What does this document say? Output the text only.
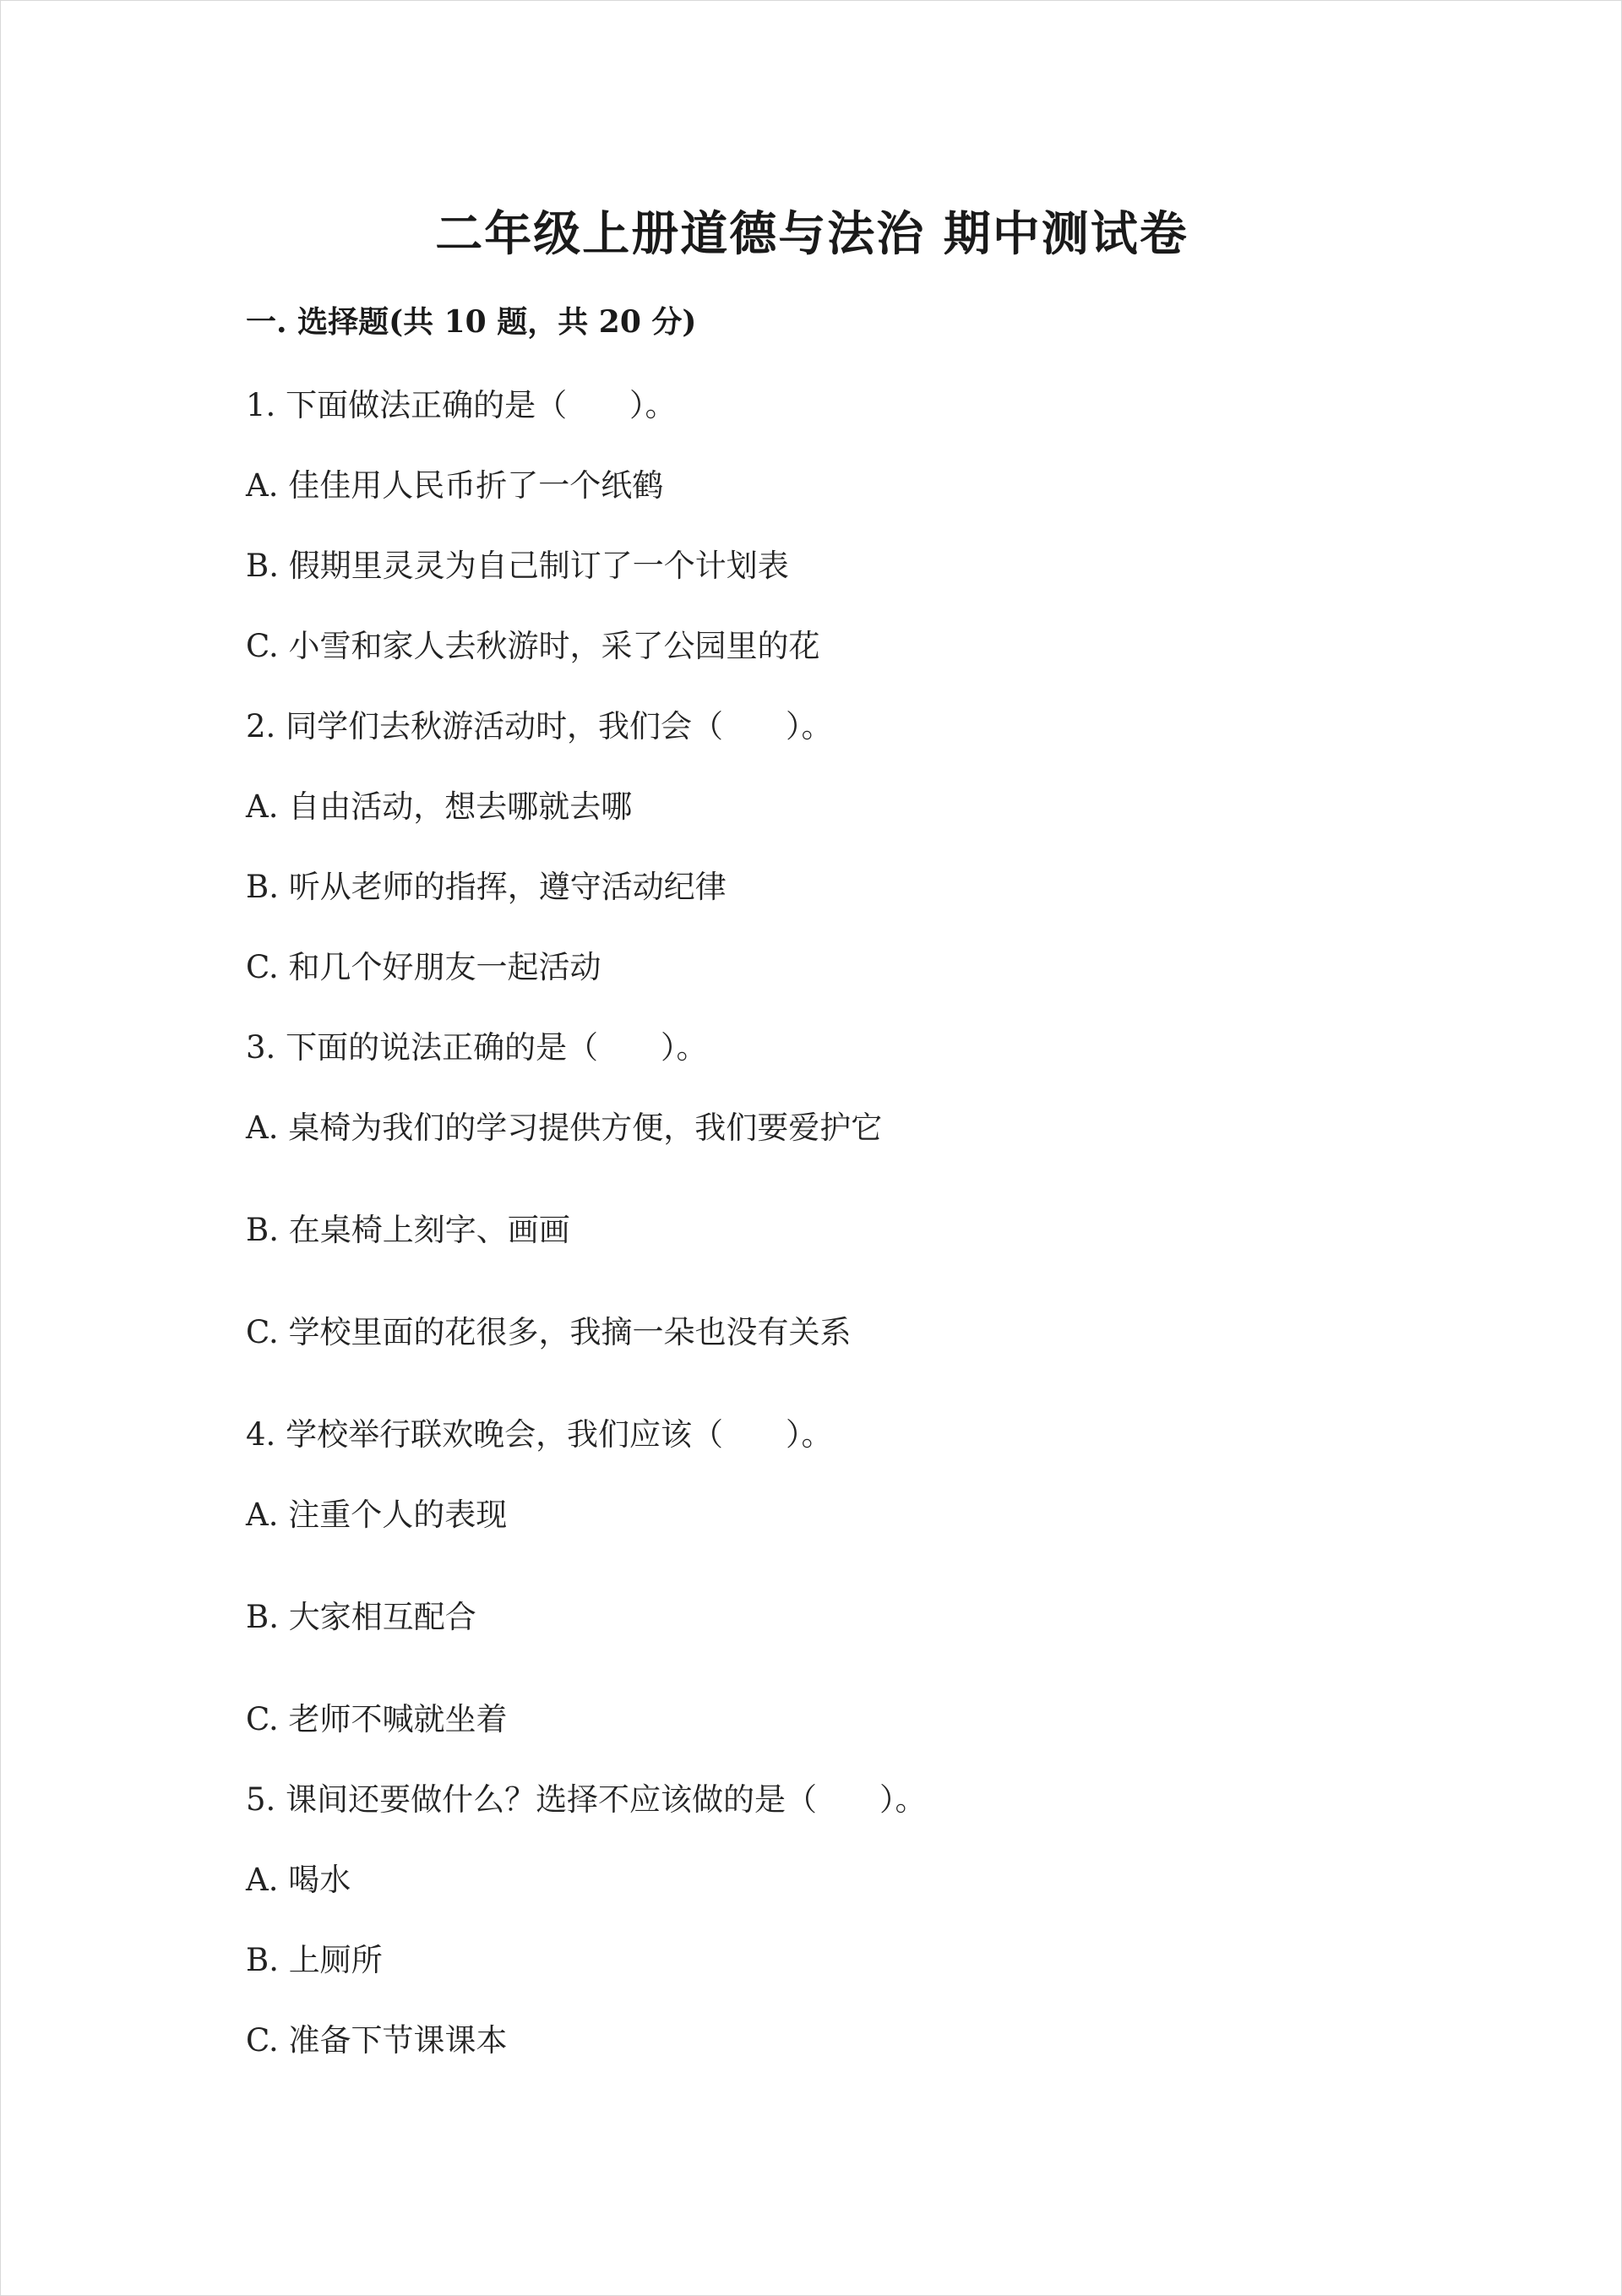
二年级上册道德与法治 期中测试卷
一. 选择题(共 10 题，共 20 分)
1. 下面做法正确的是（　　）。
A. 佳佳用人民币折了一个纸鹤
B. 假期里灵灵为自己制订了一个计划表
C. 小雪和家人去秋游时，采了公园里的花
2. 同学们去秋游活动时，我们会（　　）。
A. 自由活动，想去哪就去哪
B. 听从老师的指挥，遵守活动纪律
C. 和几个好朋友一起活动
3. 下面的说法正确的是（　　）。
A. 桌椅为我们的学习提供方便，我们要爱护它
B. 在桌椅上刻字、画画
C. 学校里面的花很多，我摘一朵也没有关系
4. 学校举行联欢晚会，我们应该（　　）。
A. 注重个人的表现
B. 大家相互配合
C. 老师不喊就坐着
5. 课间还要做什么？选择不应该做的是（　　）。
A. 喝水
B. 上厕所
C. 准备下节课课本
